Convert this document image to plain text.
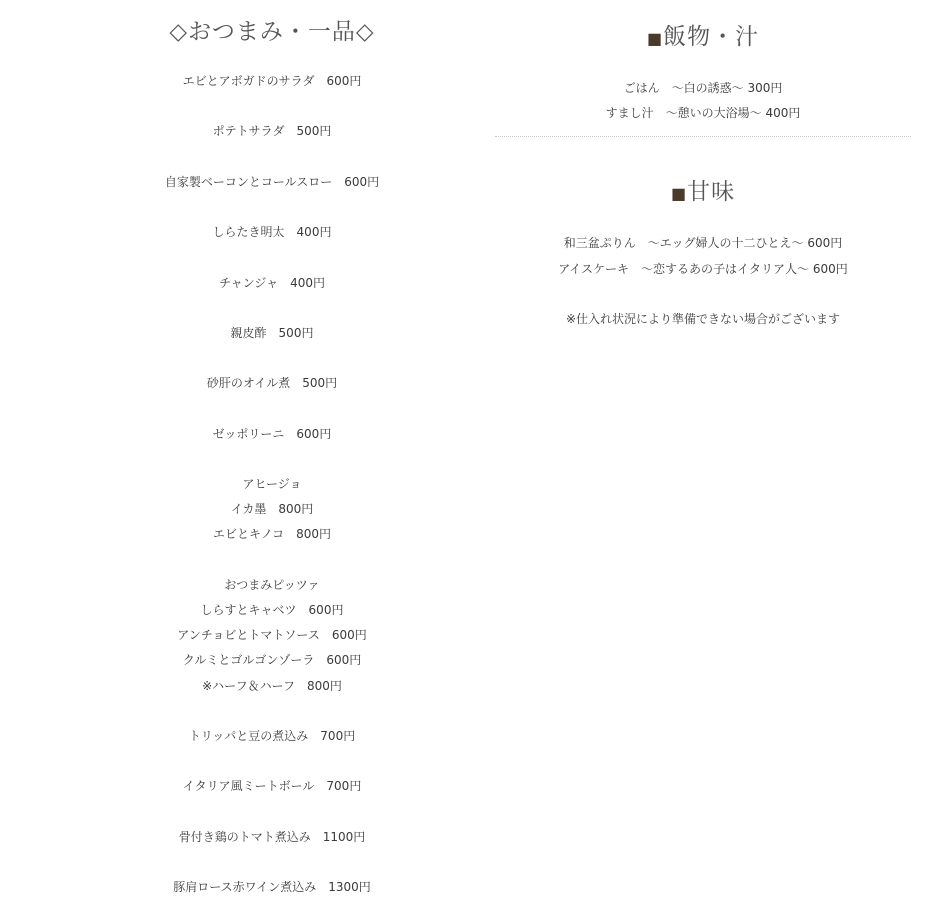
◇おつまみ・一品◇
エビとアボガドのサラダ　600円
ポテトサラダ　500円
自家製ベーコンとコールスロー　600円
しらたき明太　400円
チャンジャ　400円
親皮酢　500円
砂肝のオイル煮　500円
ゼッポリーニ　600円
アヒージョ
イカ墨　800円
エビとキノコ　800円
おつまみピッツァ
しらすとキャベツ　600円
アンチョビとトマトソース　600円
クルミとゴルゴンゾーラ　600円
※ハーフ＆ハーフ　800円
トリッパと豆の煮込み　700円
イタリア風ミートボール　700円
骨付き鶏のトマト煮込み　1100円
豚肩ロース赤ワイン煮込み　1300円
■飯物・汁
ごはん　～白の誘惑～ 300円
すまし汁　～憩いの大浴場～ 400円
■甘味
和三盆ぷりん　～エッグ婦人の十二ひとえ～ 600円
アイスケーキ　～恋するあの子はイタリア人～ 600円
※仕入れ状況により準備できない場合がございます
